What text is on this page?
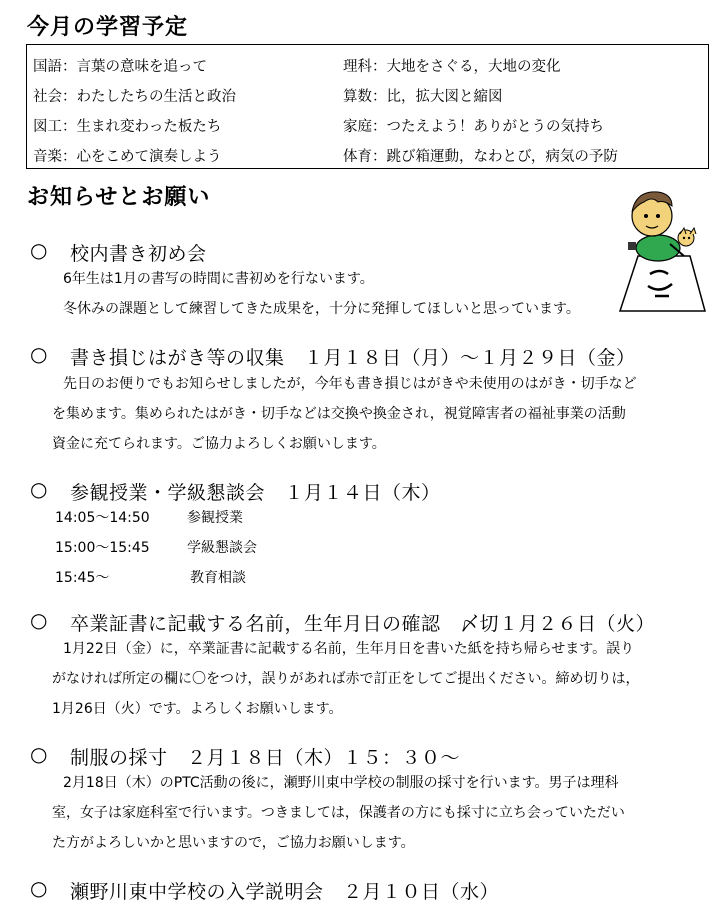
今月の学習予定
国語：言葉の意味を追って	理科：大地をさぐる，大地の変化
社会：わたしたちの生活と政治	算数：比，拡大図と縮図
図工：生まれ変わった板たち	家庭：つたえよう！ありがとうの気持ち
音楽：心をこめて演奏しよう	体育：跳び箱運動，なわとび，病気の予防
お知らせとお願い
○ 校内書き初め会
6年生は1月の書写の時間に書初めを行ないます。
冬休みの課題として練習してきた成果を，十分に発揮してほしいと思っています。
○ 書き損じはがき等の収集　１月１８日（月）～１月２９日（金）
先日のお便りでもお知らせしましたが，今年も書き損じはがきや未使用のはがき・切手など
を集めます。集められたはがき・切手などは交換や換金され，視覚障害者の福祉事業の活動
資金に充てられます。ご協力よろしくお願いします。
○ 参観授業・学級懇談会　１月１４日（木）
14:05～14:50	参観授業
15:00～15:45	学級懇談会
15:45～	教育相談
○ 卒業証書に記載する名前，生年月日の確認　〆切１月２６日（火）
1月22日（金）に，卒業証書に記載する名前，生年月日を書いた紙を持ち帰らせます。誤り
がなければ所定の欄に〇をつけ，誤りがあれば赤で訂正をしてご提出ください。締め切りは，
1月26日（火）です。よろしくお願いします。
○ 制服の採寸　２月１８日（木）１５：３０～
2月18日（木）のPTC活動の後に，瀬野川東中学校の制服の採寸を行います。男子は理科
室，女子は家庭科室で行います。つきましては，保護者の方にも採寸に立ち会っていただい
た方がよろしいかと思いますので，ご協力お願いします。
○ 瀬野川東中学校の入学説明会　２月１０日（水）
